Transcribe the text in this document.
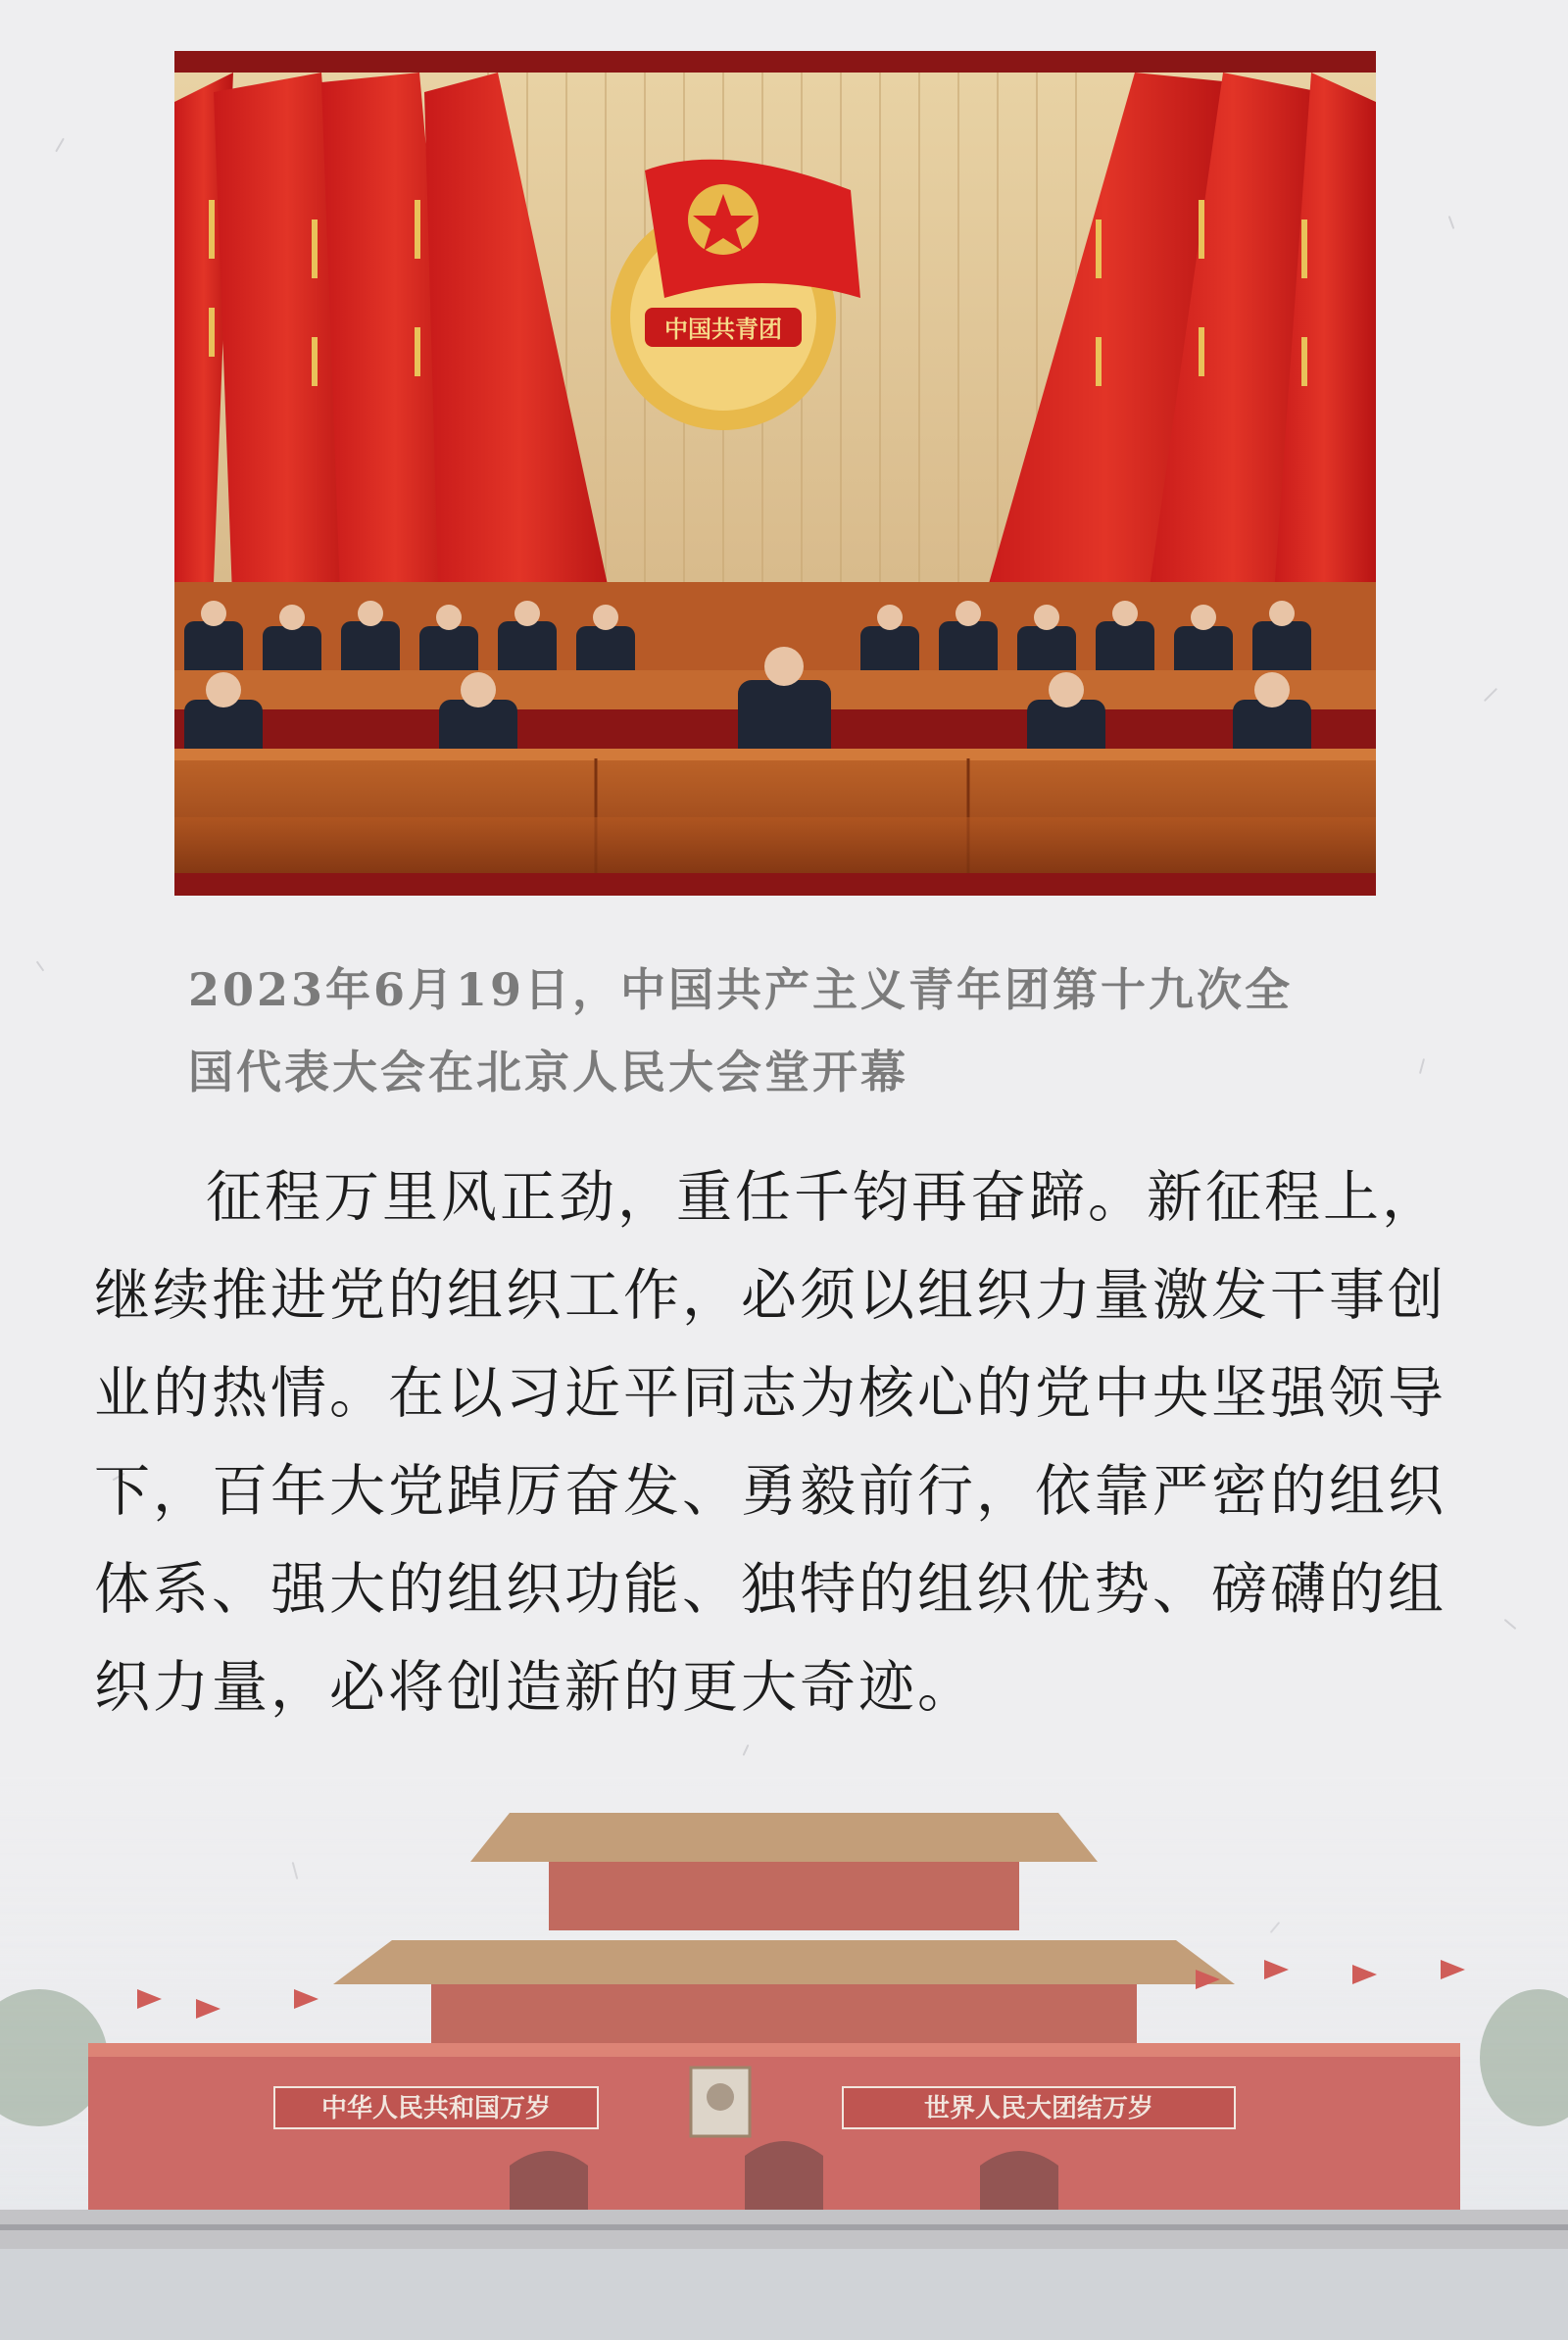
中国共青团
2023年6月19日，中国共产主义青年团第十九次全
国代表大会在北京人民大会堂开幕

征程万里风正劲，重任千钧再奋蹄。新征程上，继续推进党的组织工作，必须以组织力量激发干事创业的热情。在以习近平同志为核心的党中央坚强领导下，百年大党踔厉奋发、勇毅前行，依靠严密的组织体系、强大的组织功能、独特的组织优势、磅礴的组织力量，必将创造新的更大奇迹。

中华人民共和国万岁	世界人民大团结万岁
